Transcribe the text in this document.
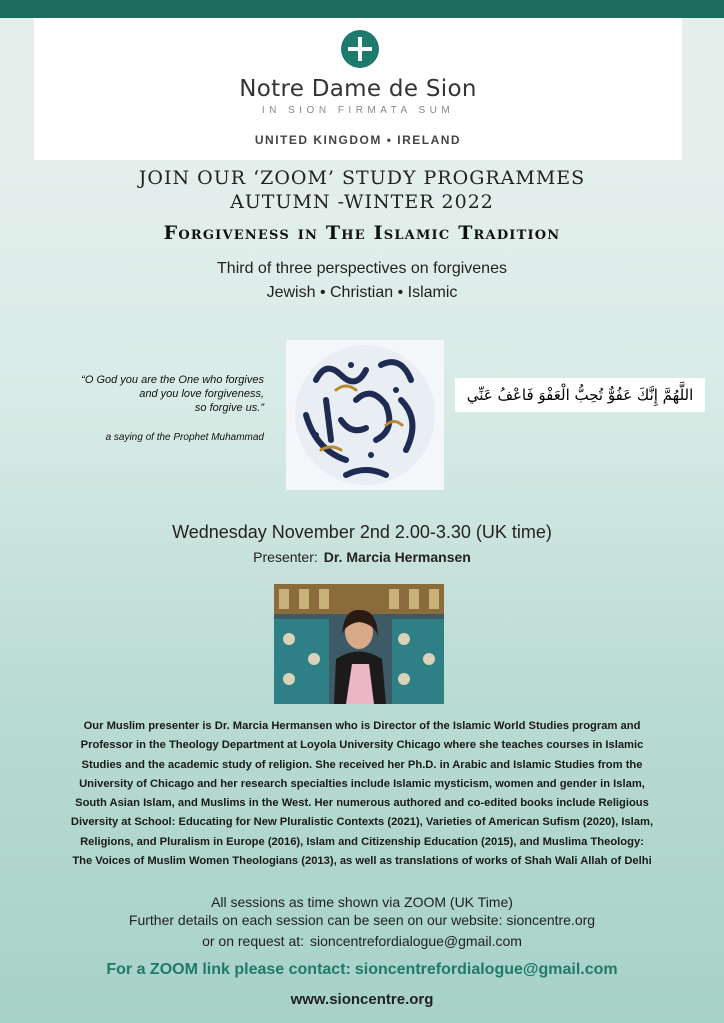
Notre Dame de Sion
IN SION FIRMATA SUM
UNITED KINGDOM • IRELAND
JOIN OUR ‘ZOOM’ STUDY PROGRAMMES
AUTUMN -WINTER 2022
Forgiveness in The Islamic Tradition
Third of three perspectives on forgivenes
Jewish • Christian • Islamic
“O God you are the One who forgives
and you love forgiveness,
so forgive us.”
a saying of the Prophet Muhammad
اللَّهُمَّ إِنَّكَ عَفُوٌّ تُحِبُّ الْعَفْوَ فَاعْفُ عَنِّي
Wednesday November 2nd 2.00-3.30 (UK time)
Presenter: Dr. Marcia Hermansen
Our Muslim presenter is Dr. Marcia Hermansen who is Director of the Islamic World Studies program and
Professor in the Theology Department at Loyola University Chicago where she teaches courses in Islamic
Studies and the academic study of religion. She received her Ph.D. in Arabic and Islamic Studies from the
University of Chicago and her research specialties include Islamic mysticism, women and gender in Islam,
South Asian Islam, and Muslims in the West. Her numerous authored and co-edited books include Religious
Diversity at School: Educating for New Pluralistic Contexts (2021), Varieties of American Sufism (2020), Islam,
Religions, and Pluralism in Europe (2016), Islam and Citizenship Education (2015), and Muslima Theology:
The Voices of Muslim Women Theologians (2013), as well as translations of works of Shah Wali Allah of Delhi
All sessions as time shown via ZOOM (UK Time)
Further details on each session can be seen on our website: sioncentre.org
or on request at: sioncentrefordialogue@gmail.com
For a ZOOM link please contact: sioncentrefordialogue@gmail.com
www.sioncentre.org
